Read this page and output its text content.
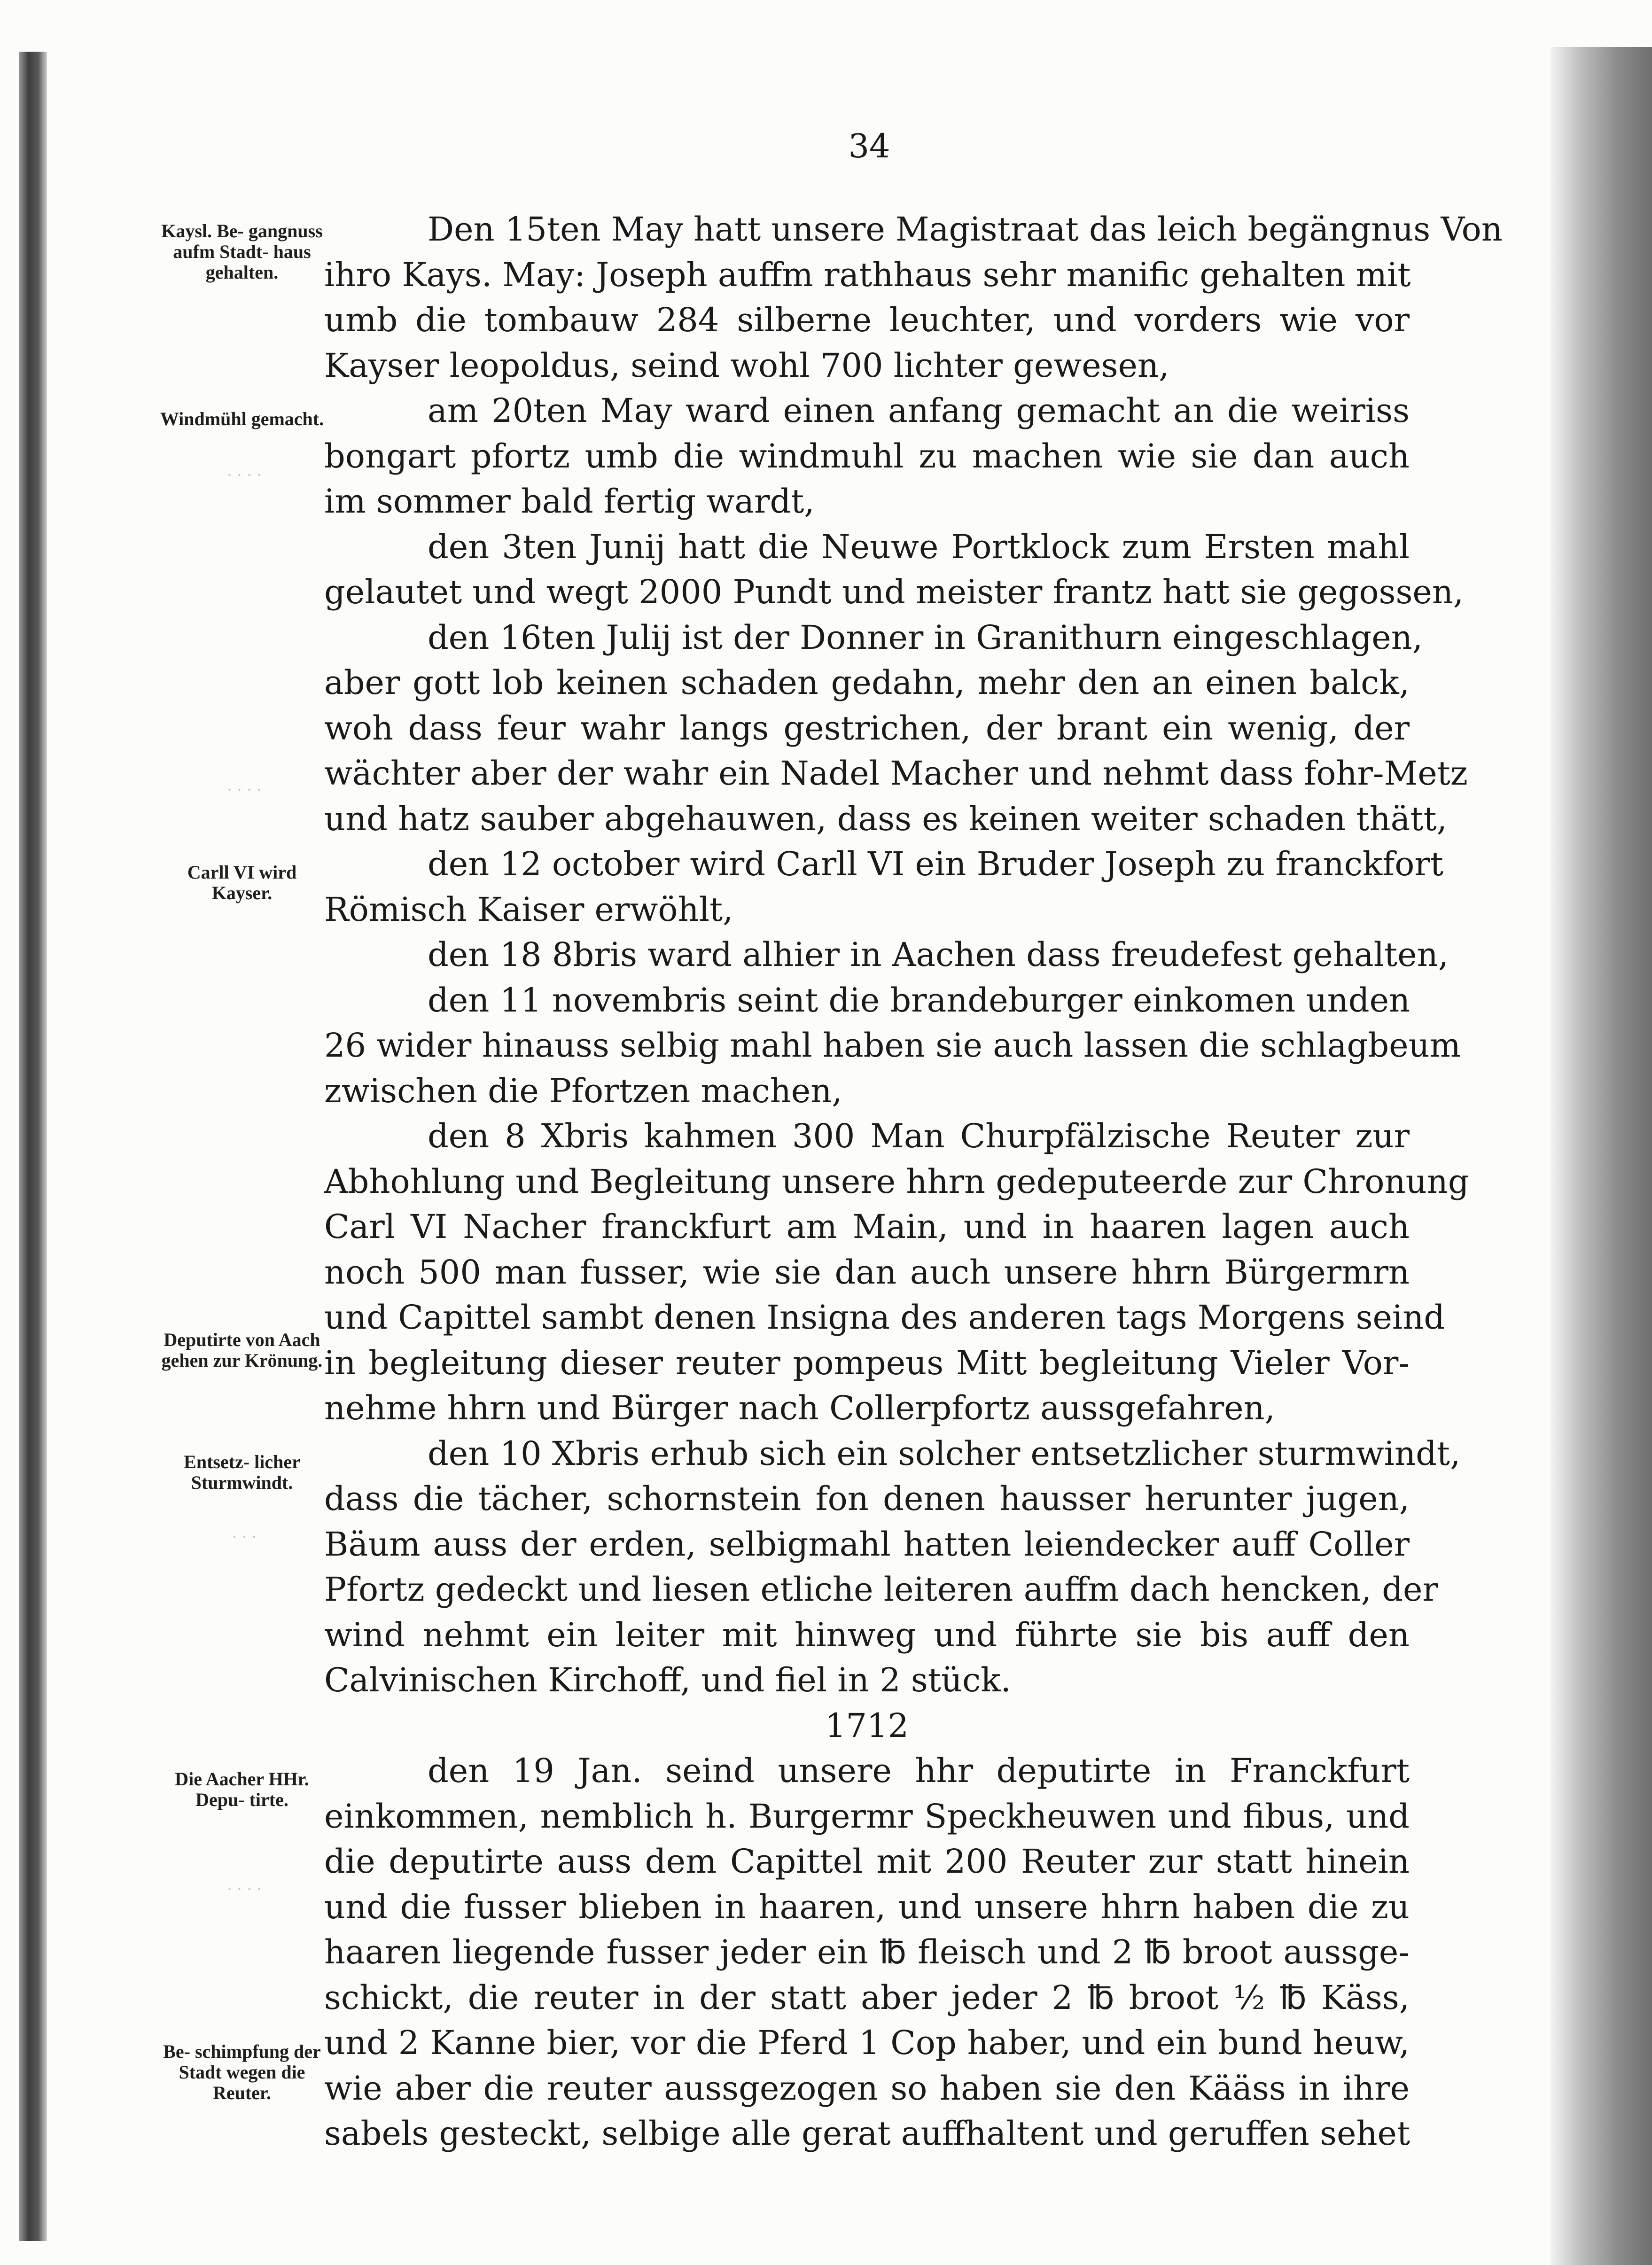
34
Kaysl. Be- gangnuss aufm Stadt- haus gehalten.
Windmühl gemacht.
Carll VI wird Kayser.
Deputirte von Aach gehen zur Krönung.
Entsetz- licher Sturmwindt.
Die Aacher HHr. Depu- tirte.
Be- schimpfung der Stadt wegen die Reuter.
· · · ·
· · · ·
· · ·
· · · ·
Den 15ten May hatt unsere Magistraat das leich begängnus Von
ihro Kays. May: Joseph auffm rathhaus sehr manific gehalten mit
umb die tombauw 284 silberne leuchter, und vorders wie vor
Kayser leopoldus, seind wohl 700 lichter gewesen,
am 20ten May ward einen anfang gemacht an die weiriss
bongart pfortz umb die windmuhl zu machen wie sie dan auch
im sommer bald fertig wardt,
den 3ten Junij hatt die Neuwe Portklock zum Ersten mahl
gelautet und wegt 2000 Pundt und meister frantz hatt sie gegossen,
den 16ten Julij ist der Donner in Granithurn eingeschlagen,
aber gott lob keinen schaden gedahn, mehr den an einen balck,
woh dass feur wahr langs gestrichen, der brant ein wenig, der
wächter aber der wahr ein Nadel Macher und nehmt dass fohr-Metz
und hatz sauber abgehauwen, dass es keinen weiter schaden thätt,
den 12 october wird Carll VI ein Bruder Joseph zu franckfort
Römisch Kaiser erwöhlt,
den 18 8bris ward alhier in Aachen dass freudefest gehalten,
den 11 novembris seint die brandeburger einkomen unden
26 wider hinauss selbig mahl haben sie auch lassen die schlagbeum
zwischen die Pfortzen machen,
den 8 Xbris kahmen 300 Man Churpfälzische Reuter zur
Abhohlung und Begleitung unsere hhrn gedeputeerde zur Chronung
Carl VI Nacher franckfurt am Main, und in haaren lagen auch
noch 500 man fusser, wie sie dan auch unsere hhrn Bürgermrn
und Capittel sambt denen Insigna des anderen tags Morgens seind
in begleitung dieser reuter pompeus Mitt begleitung Vieler Vor-
nehme hhrn und Bürger nach Collerpfortz aussgefahren,
den 10 Xbris erhub sich ein solcher entsetzlicher sturmwindt,
dass die tächer, schornstein fon denen hausser herunter jugen,
Bäum auss der erden, selbigmahl hatten leiendecker auff Coller
Pfortz gedeckt und liesen etliche leiteren auffm dach hencken, der
wind nehmt ein leiter mit hinweg und führte sie bis auff den
Calvinischen Kirchoff, und fiel in 2 stück.
1712
den 19 Jan. seind unsere hhr deputirte in Franckfurt
einkommen, nemblich h. Burgermr Speckheuwen und fibus, und
die deputirte auss dem Capittel mit 200 Reuter zur statt hinein
und die fusser blieben in haaren, und unsere hhrn haben die zu
haaren liegende fusser jeder ein ℔ fleisch und 2 ℔ broot aussge-
schickt, die reuter in der statt aber jeder 2 ℔ broot ½ ℔ Käss,
und 2 Kanne bier, vor die Pferd 1 Cop haber, und ein bund heuw,
wie aber die reuter aussgezogen so haben sie den Kääss in ihre
sabels gesteckt, selbige alle gerat auffhaltent und geruffen sehet
